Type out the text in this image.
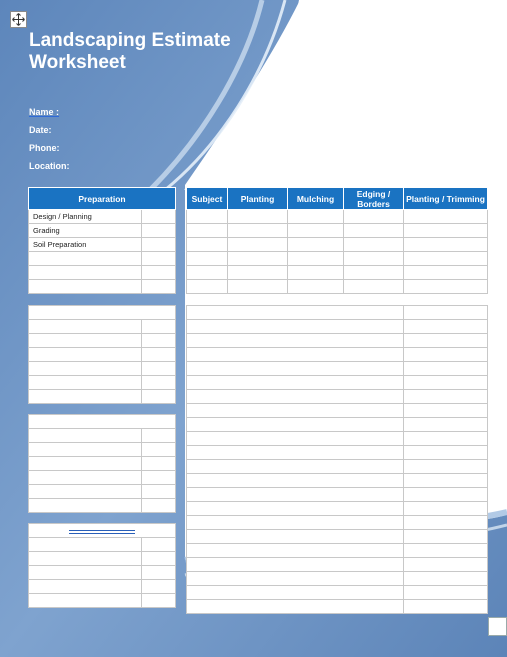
Landscaping Estimate
Worksheet
Name :
Date:
Phone:
Location:
Preparation	
Design / Planning	
Grading	
Soil Preparation	

Subject	Planting	Mulching	Edging / Borders	Planting / Trimming
